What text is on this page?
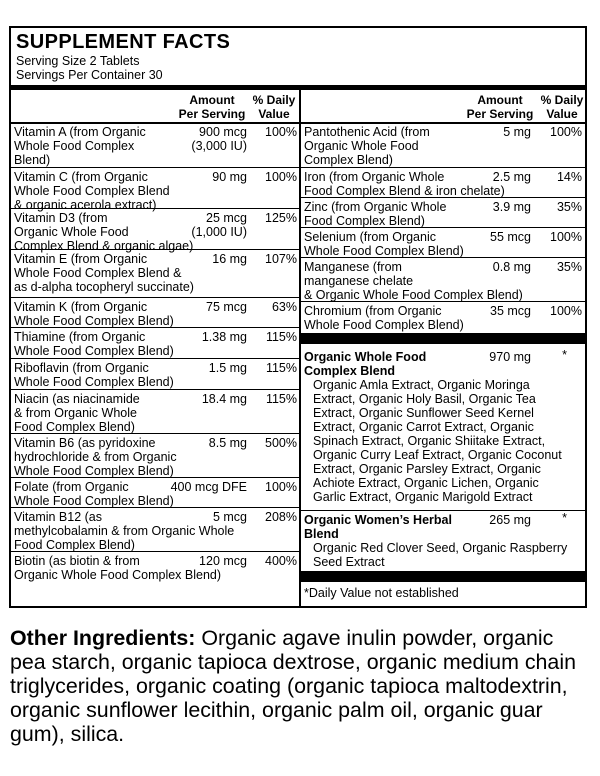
SUPPLEMENT FACTS
Serving Size 2 Tablets
Servings Per Container 30
Amount
Per Serving
% Daily
Value
Vitamin A (from Organic
Whole Food Complex
Blend)
900 mcg
(3,000 IU)
100%
Vitamin C (from Organic
Whole Food Complex Blend
& organic acerola extract)
90 mg 100%
Vitamin D3 (from
Organic Whole Food
Complex Blend & organic algae)
25 mcg
(1,000 IU)
125%
Vitamin E (from Organic
Whole Food Complex Blend &
as d-alpha tocopheryl succinate)
16 mg 107%
Vitamin K (from Organic
Whole Food Complex Blend)
75 mcg 63%
Thiamine (from Organic
Whole Food Complex Blend)
1.38 mg 115%
Riboflavin (from Organic
Whole Food Complex Blend)
1.5 mg 115%
Niacin (as niacinamide
& from Organic Whole
Food Complex Blend)
18.4 mg 115%
Vitamin B6 (as pyridoxine
hydrochloride & from Organic
Whole Food Complex Blend)
8.5 mg 500%
Folate (from Organic
Whole Food Complex Blend)
400 mcg DFE 100%
Vitamin B12 (as
methylcobalamin & from Organic Whole
Food Complex Blend)
5 mcg 208%
Biotin (as biotin & from
Organic Whole Food Complex Blend)
120 mcg 400%
Amount
Per Serving
% Daily
Value
Pantothenic Acid (from
Organic Whole Food
Complex Blend)
5 mg 100%
Iron (from Organic Whole
Food Complex Blend & iron chelate)
2.5 mg 14%
Zinc (from Organic Whole
Food Complex Blend)
3.9 mg 35%
Selenium (from Organic
Whole Food Complex Blend)
55 mcg 100%
Manganese (from
manganese chelate
& Organic Whole Food Complex Blend)
0.8 mg 35%
Chromium (from Organic
Whole Food Complex Blend)
35 mcg 100%
Organic Whole Food
Complex Blend
970 mg *
Organic Amla Extract, Organic Moringa
Extract, Organic Holy Basil, Organic Tea
Extract, Organic Sunflower Seed Kernel
Extract, Organic Carrot Extract, Organic
Spinach Extract, Organic Shiitake Extract,
Organic Curry Leaf Extract, Organic Coconut
Extract, Organic Parsley Extract, Organic
Achiote Extract, Organic Lichen, Organic
Garlic Extract, Organic Marigold Extract
Organic Women’s Herbal
Blend
265 mg *
Organic Red Clover Seed, Organic Raspberry
Seed Extract
*Daily Value not established
Other Ingredients: Organic agave inulin powder, organic pea starch, organic tapioca dextrose, organic medium chain triglycerides, organic coating (organic tapioca maltodextrin, organic sunflower lecithin, organic palm oil, organic guar gum), silica.
